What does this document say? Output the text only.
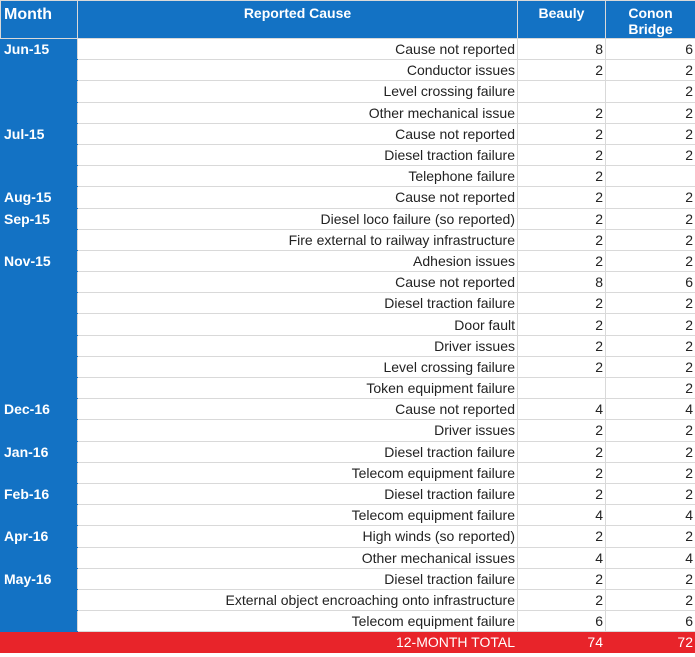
Month	Reported Cause	Beauly	Conon Bridge
Jun-15	Cause not reported	8	6
	Conductor issues	2	2
	Level crossing failure		2
	Other mechanical issue	2	2
Jul-15	Cause not reported	2	2
	Diesel traction failure	2	2
	Telephone failure	2	
Aug-15	Cause not reported	2	2
Sep-15	Diesel loco failure (so reported)	2	2
	Fire external to railway infrastructure	2	2
Nov-15	Adhesion issues	2	2
	Cause not reported	8	6
	Diesel traction failure	2	2
	Door fault	2	2
	Driver issues	2	2
	Level crossing failure	2	2
	Token equipment failure		2
Dec-16	Cause not reported	4	4
	Driver issues	2	2
Jan-16	Diesel traction failure	2	2
	Telecom equipment failure	2	2
Feb-16	Diesel traction failure	2	2
	Telecom equipment failure	4	4
Apr-16	High winds (so reported)	2	2
	Other mechanical issues	4	4
May-16	Diesel traction failure	2	2
	External object encroaching onto infrastructure	2	2
	Telecom equipment failure	6	6
	12-MONTH TOTAL	74	72
